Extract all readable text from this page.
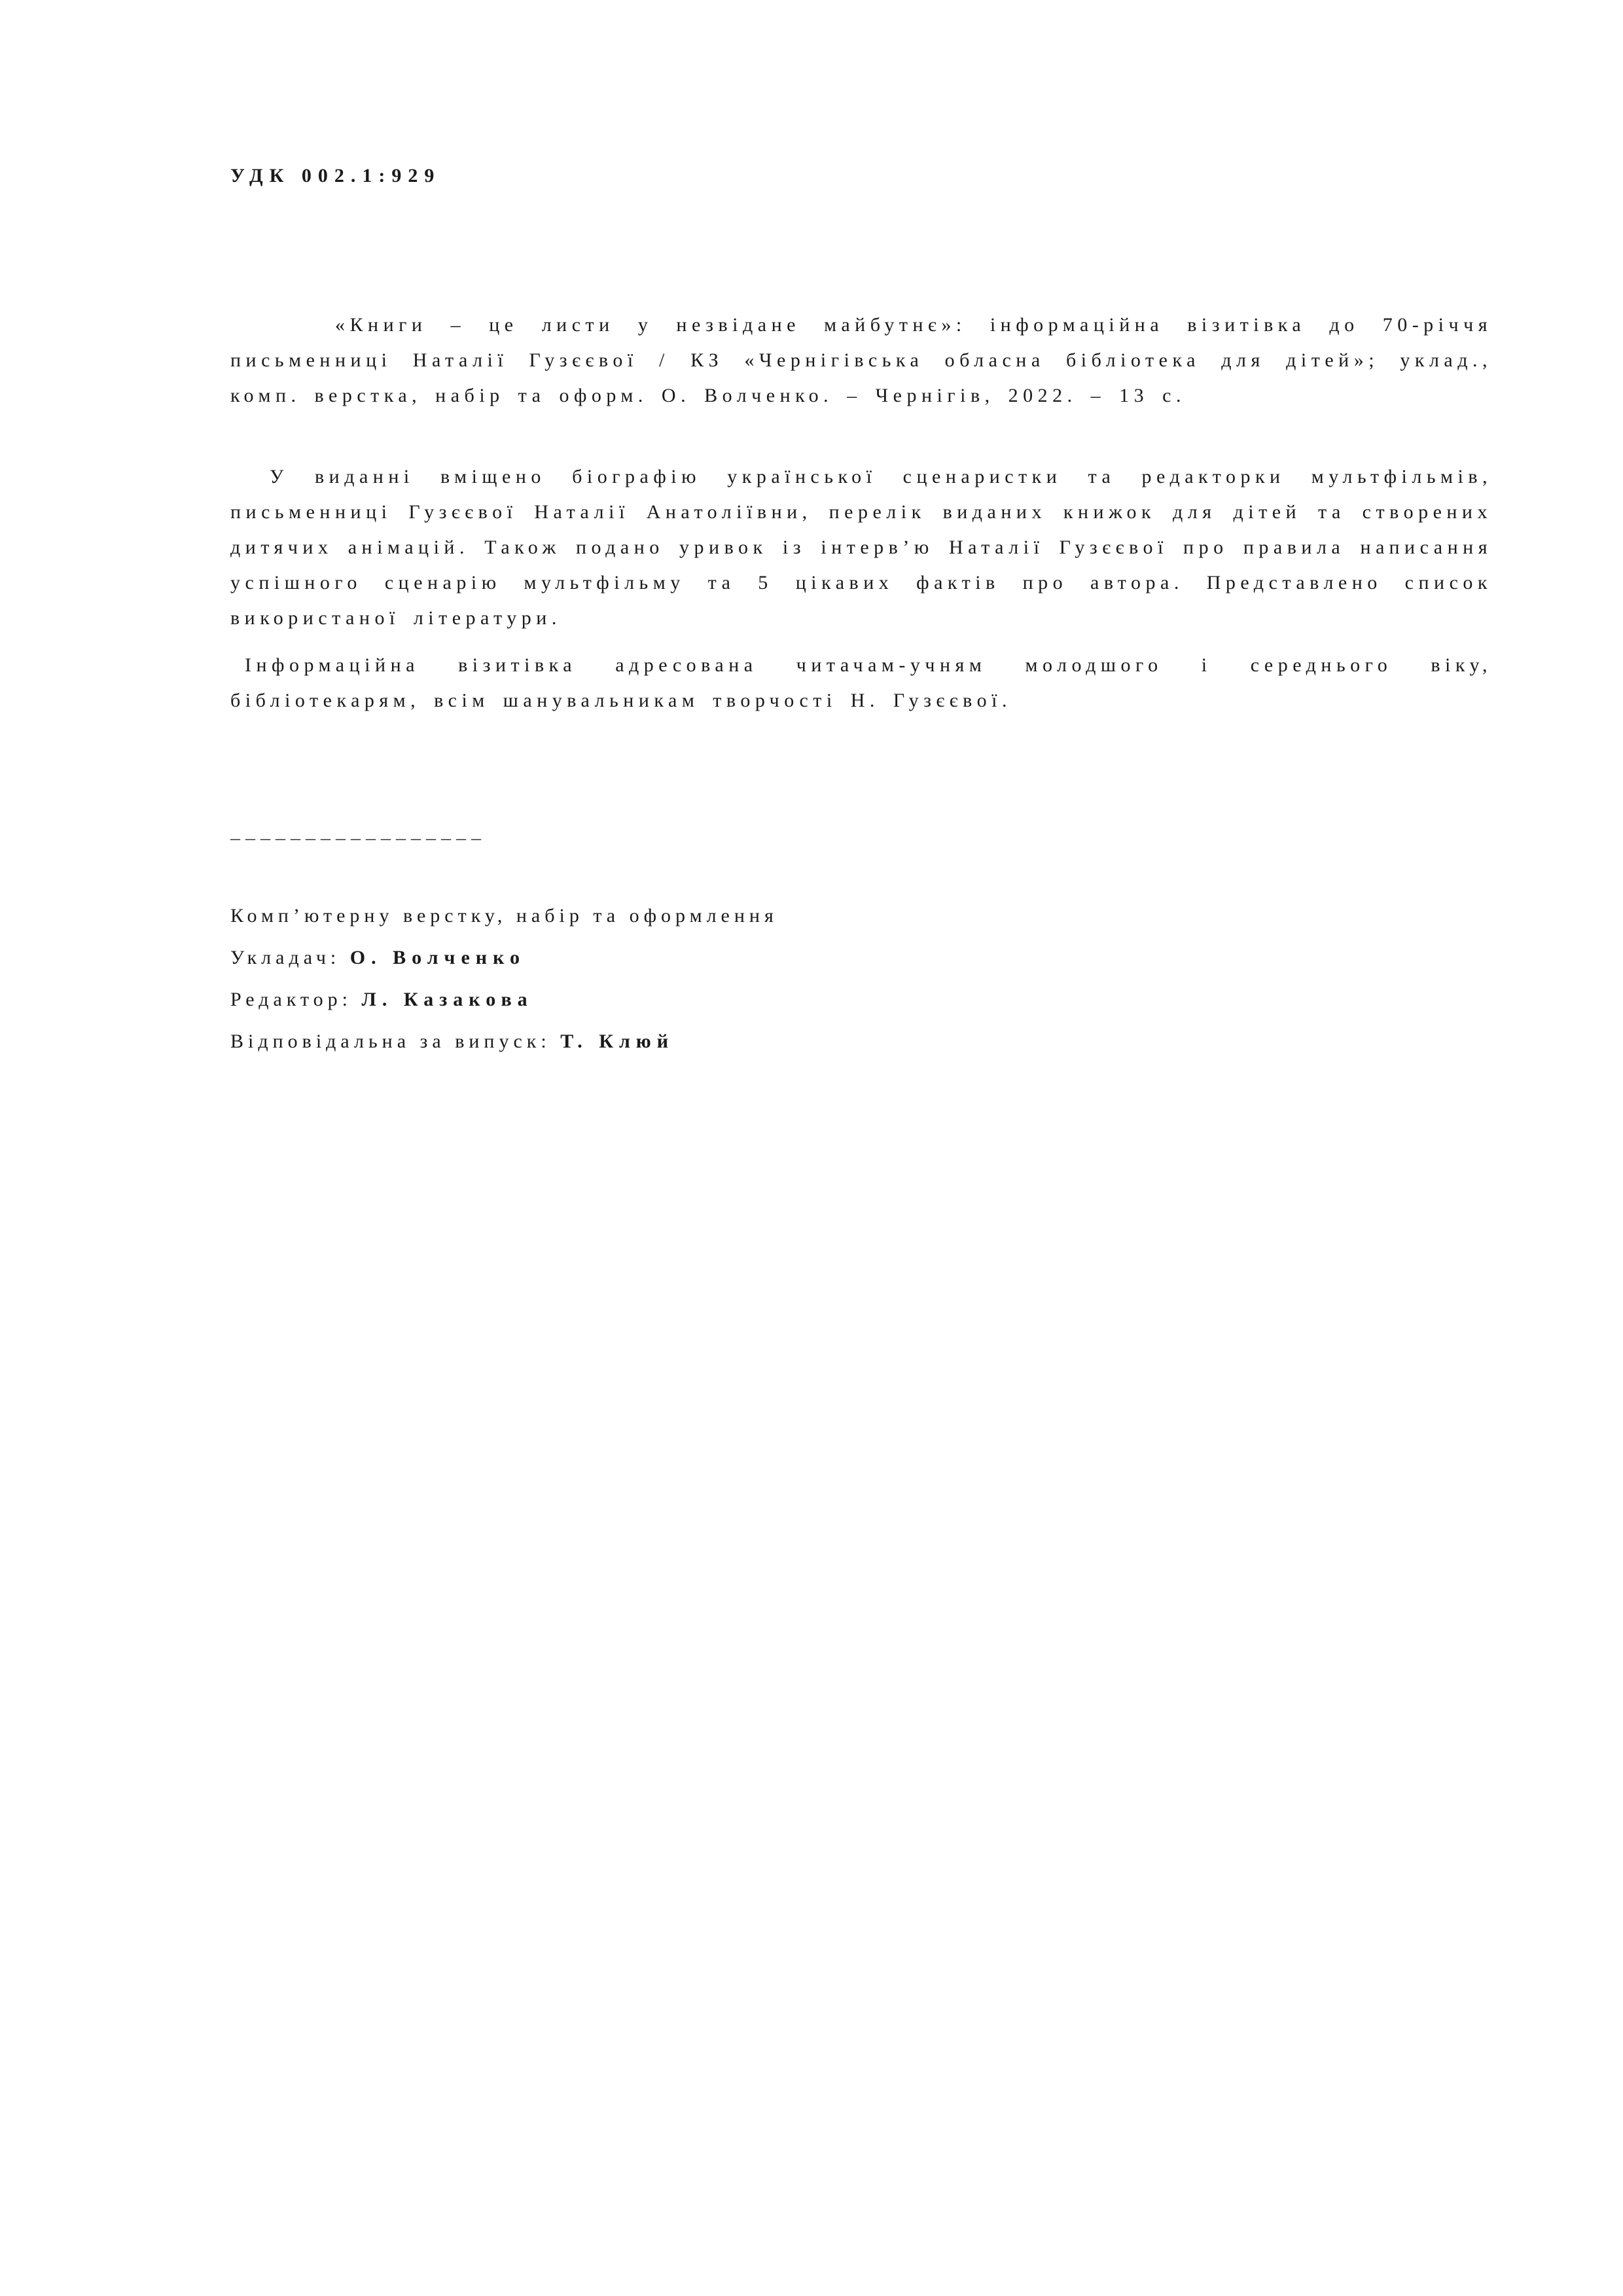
УДК 002.1:929

«Книги – це листи у незвідане майбутнє»: інформаційна візитівка до 70-річчя письменниці Наталії Гузєєвої / КЗ «Чернігівська обласна бібліотека для дітей»; уклад., комп. верстка, набір та оформ. О. Волченко. – Чернігів, 2022. – 13 с.

У виданні вміщено біографію української сценаристки та редакторки мультфільмів, письменниці Гузєєвої Наталії Анатоліївни, перелік виданих книжок для дітей та створених дитячих анімацій. Також подано уривок із інтерв’ю Наталії Гузєєвої про правила написання успішного сценарію мультфільму та 5 цікавих фактів про автора. Представлено список використаної літератури.

Інформаційна візитівка адресована читачам-учням молодшого і середнього віку, бібліотекарям, всім шанувальникам творчості Н. Гузєєвої.

_________________

Комп’ютерну верстку, набір та оформлення
Укладач: О. Волченко
Редактор: Л. Казакова
Відповідальна за випуск: Т. Клюй
